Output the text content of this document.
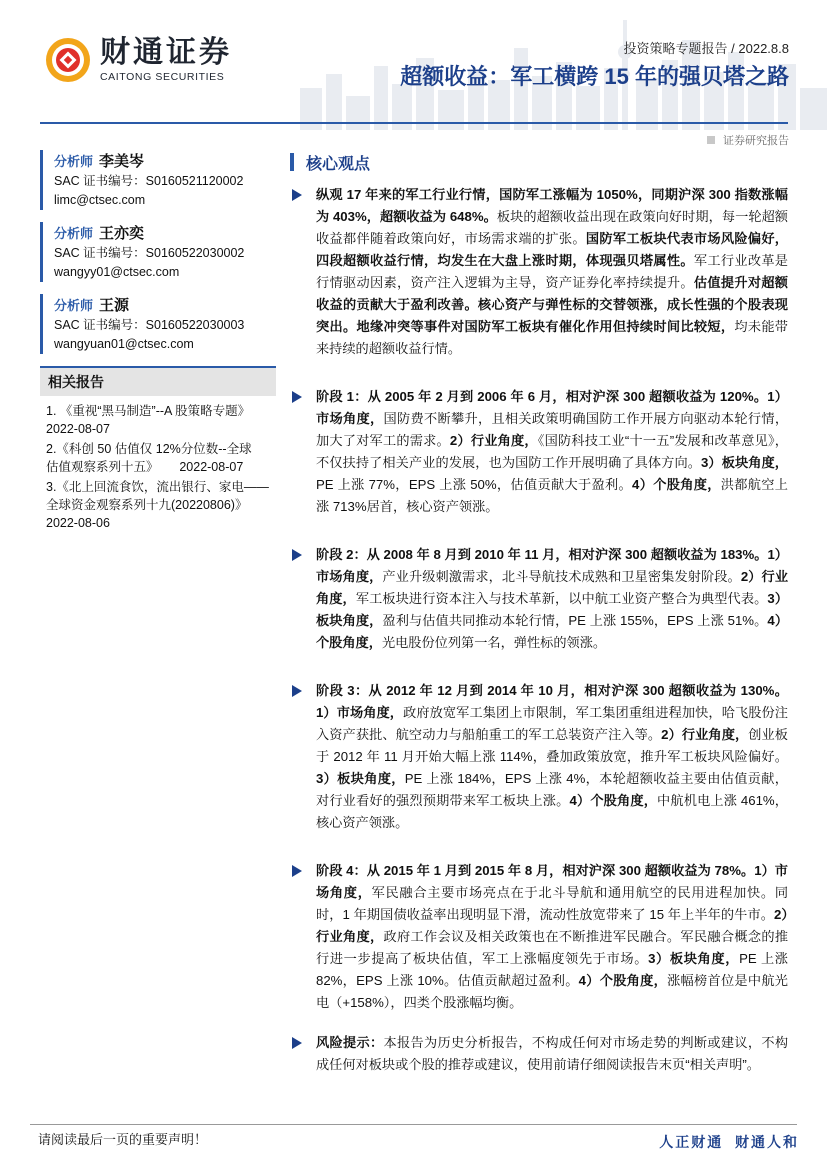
财通证券
CAITONG SECURITIES
投资策略专题报告 / 2022.8.8
超额收益：军工横跨 15 年的强贝塔之路
证券研究报告
分析师 李美岑
SAC 证书编号：S0160521120002
limc@ctsec.com
分析师 王亦奕
SAC 证书编号：S0160522030002
wangyy01@ctsec.com
分析师 王源
SAC 证书编号：S0160522030003
wangyuan01@ctsec.com
相关报告
1. 《重视“黑马制造”--A 股策略专题》
2022-08-07
2.《科创 50 估值仅 12%分位数--全球
估值观察系列十五》      2022-08-07
3.《北上回流食饮，流出银行、家电——
全球资金观察系列十九(20220806)》
2022-08-06
核心观点
纵观 17 年来的军工行业行情，国防军工涨幅为 1050%，同期沪深 300 指数涨幅为 403%，超额收益为 648%。板块的超额收益出现在政策向好时期，每一轮超额收益都伴随着政策向好，市场需求端的扩张。国防军工板块代表市场风险偏好，四段超额收益行情，均发生在大盘上涨时期，体现强贝塔属性。军工行业改革是行情驱动因素，资产注入逻辑为主导，资产证券化率持续提升。估值提升对超额收益的贡献大于盈利改善。核心资产与弹性标的交替领涨，成长性强的个股表现突出。地缘冲突等事件对国防军工板块有催化作用但持续时间比较短，均未能带来持续的超额收益行情。
阶段 1：从 2005 年 2 月到 2006 年 6 月，相对沪深 300 超额收益为 120%。1）市场角度，国防费不断攀升，且相关政策明确国防工作开展方向驱动本轮行情，加大了对军工的需求。2）行业角度，《国防科技工业“十一五”发展和改革意见》，不仅扶持了相关产业的发展，也为国防工作开展明确了具体方向。3）板块角度，PE 上涨 77%，EPS 上涨 50%，估值贡献大于盈利。4）个股角度，洪都航空上涨 713%居首，核心资产领涨。
阶段 2：从 2008 年 8 月到 2010 年 11 月，相对沪深 300 超额收益为 183%。1）市场角度，产业升级刺激需求，北斗导航技术成熟和卫星密集发射阶段。2）行业角度，军工板块进行资本注入与技术革新，以中航工业资产整合为典型代表。3）板块角度，盈利与估值共同推动本轮行情，PE 上涨 155%，EPS 上涨 51%。4）个股角度，光电股份位列第一名，弹性标的领涨。
阶段 3：从 2012 年 12 月到 2014 年 10 月，相对沪深 300 超额收益为 130%。1）市场角度，政府放宽军工集团上市限制，军工集团重组进程加快，哈飞股份注入资产获批、航空动力与船舶重工的军工总装资产注入等。2）行业角度，创业板于 2012 年 11 月开始大幅上涨 114%，叠加政策放宽，推升军工板块风险偏好。3）板块角度，PE 上涨 184%，EPS 上涨 4%，本轮超额收益主要由估值贡献，对行业看好的强烈预期带来军工板块上涨。4）个股角度，中航机电上涨 461%，核心资产领涨。
阶段 4：从 2015 年 1 月到 2015 年 8 月，相对沪深 300 超额收益为 78%。1）市场角度，军民融合主要市场亮点在于北斗导航和通用航空的民用进程加快。同时，1 年期国债收益率出现明显下滑，流动性放宽带来了 15 年上半年的牛市。2）行业角度，政府工作会议及相关政策也在不断推进军民融合。军民融合概念的推行进一步提高了板块估值，军工上涨幅度领先于市场。3）板块角度，PE 上涨 82%，EPS 上涨 10%。估值贡献超过盈利。4）个股角度，涨幅榜首位是中航光电（+158%），四类个股涨幅均衡。
风险提示：本报告为历史分析报告，不构成任何对市场走势的判断或建议，不构成任何对板块或个股的推荐或建议，使用前请仔细阅读报告末页“相关声明”。
请阅读最后一页的重要声明！	人正财通  财通人和
